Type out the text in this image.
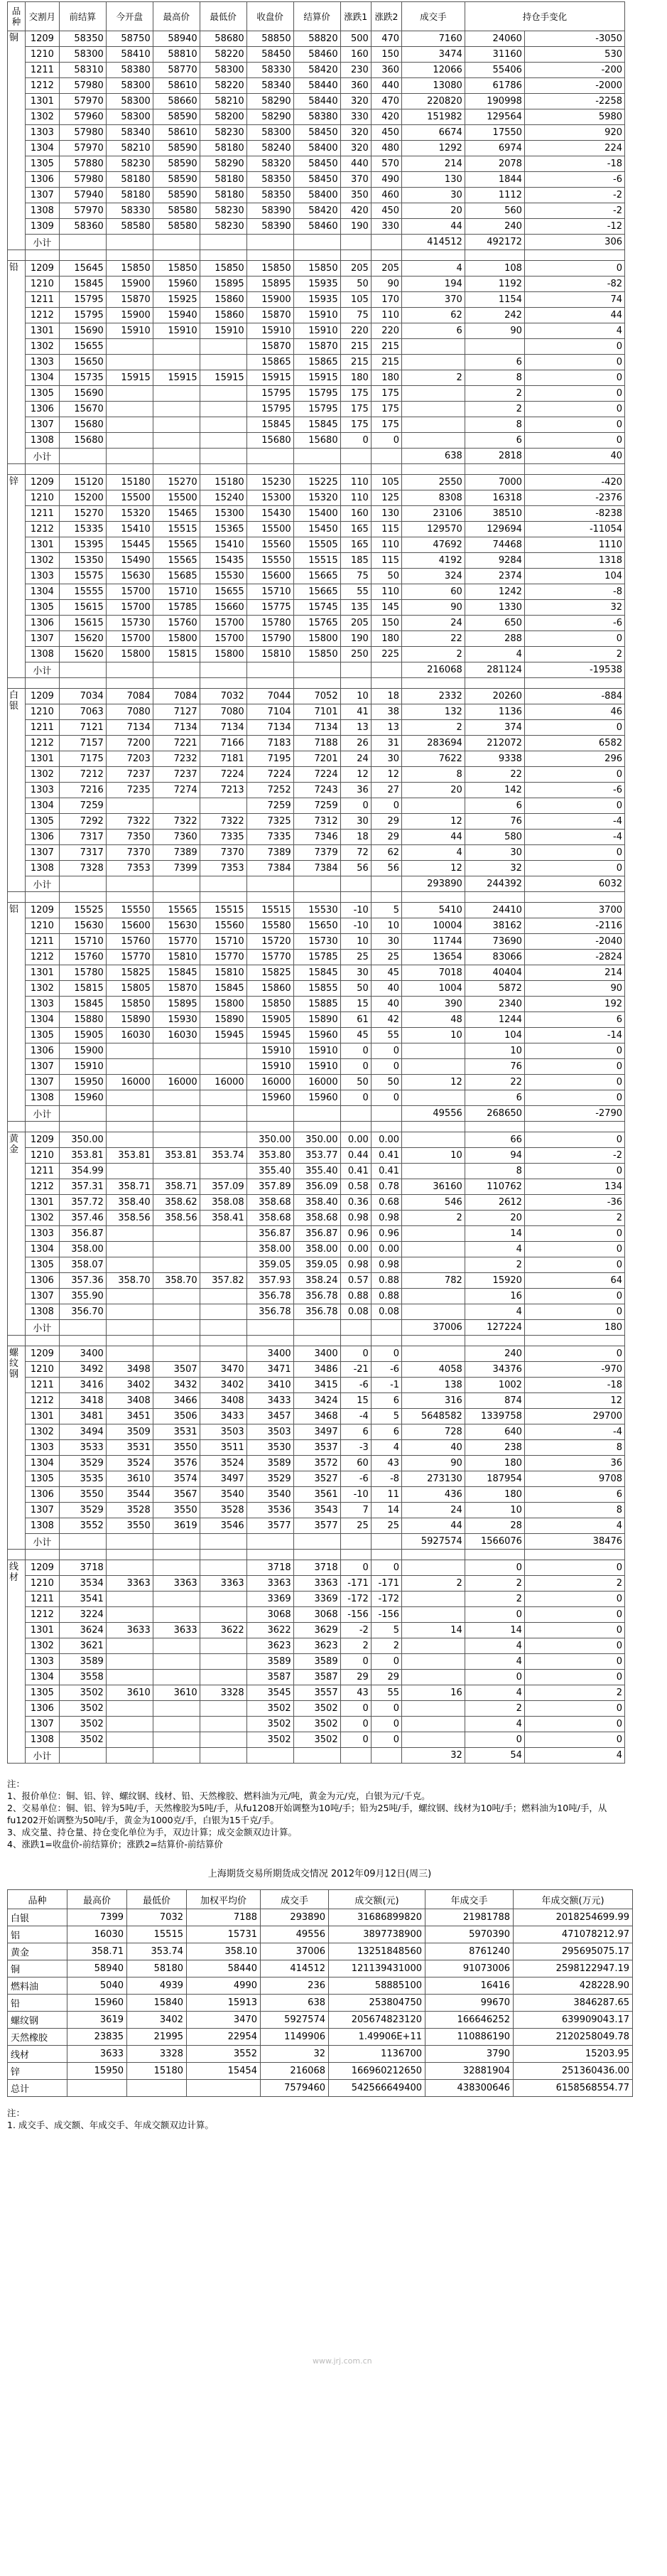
品种	交割月	前结算	今开盘	最高价	最低价	收盘价	结算价	涨跌1	涨跌2	成交手	持仓手变化	
铜	1209	58350	58750	58940	58680	58850	58820	500	470	7160	24060	-3050
	1210	58300	58410	58810	58220	58450	58460	160	150	3474	31160	530
	1211	58310	58380	58770	58300	58330	58420	230	360	12066	55406	-200
	1212	57980	58300	58610	58220	58340	58440	360	440	13080	61786	-2000
	1301	57970	58300	58660	58210	58290	58440	320	470	220820	190998	-2258
	1302	57960	58300	58590	58200	58290	58380	330	420	151982	129564	5980
	1303	57980	58340	58610	58230	58300	58450	320	450	6674	17550	920
	1304	57970	58210	58590	58180	58240	58400	320	480	1292	6974	224
	1305	57880	58230	58590	58290	58320	58450	440	570	214	2078	-18
	1306	57980	58180	58590	58180	58350	58450	370	490	130	1844	-6
	1307	57940	58180	58590	58180	58350	58400	350	460	30	1112	-2
	1308	57970	58330	58580	58230	58390	58420	420	450	20	560	-2
	1309	58360	58580	58580	58230	58390	58460	190	330	44	240	-12
	小计									414512	492172	306

铅	1209	15645	15850	15850	15850	15850	15850	205	205	4	108	0
	1210	15845	15900	15960	15895	15895	15935	50	90	194	1192	-82
	1211	15795	15870	15925	15860	15900	15935	105	170	370	1154	74
	1212	15795	15900	15940	15860	15870	15910	75	110	62	242	44
	1301	15690	15910	15910	15910	15910	15910	220	220	6	90	4
	1302	15655				15870	15870	215	215			0
	1303	15650				15865	15865	215	215		6	0
	1304	15735	15915	15915	15915	15915	15915	180	180	2	8	0
	1305	15690				15795	15795	175	175		2	0
	1306	15670				15795	15795	175	175		2	0
	1307	15680				15845	15845	175	175		8	0
	1308	15680				15680	15680	0	0		6	0
	小计									638	2818	40

锌	1209	15120	15180	15270	15180	15230	15225	110	105	2550	7000	-420
	1210	15200	15500	15500	15240	15300	15320	110	125	8308	16318	-2376
	1211	15270	15320	15465	15300	15430	15400	160	130	23106	38510	-8238
	1212	15335	15410	15515	15365	15500	15450	165	115	129570	129694	-11054
	1301	15395	15445	15565	15410	15560	15505	165	110	47692	74468	1110
	1302	15350	15490	15565	15435	15550	15515	185	115	4192	9284	1318
	1303	15575	15630	15685	15530	15600	15665	75	50	324	2374	104
	1304	15555	15700	15710	15655	15710	15665	55	110	60	1242	-8
	1305	15615	15700	15785	15660	15775	15745	135	145	90	1330	32
	1306	15615	15730	15760	15700	15780	15765	205	150	24	650	-6
	1307	15620	15700	15800	15700	15790	15800	190	180	22	288	0
	1308	15620	15800	15815	15800	15810	15850	250	225	2	4	2
	小计									216068	281124	-19538

白银	1209	7034	7084	7084	7032	7044	7052	10	18	2332	20260	-884
	1210	7063	7080	7127	7080	7104	7101	41	38	132	1136	46
	1211	7121	7134	7134	7134	7134	7134	13	13	2	374	0
	1212	7157	7200	7221	7166	7183	7188	26	31	283694	212072	6582
	1301	7175	7203	7232	7181	7195	7201	24	30	7622	9338	296
	1302	7212	7237	7237	7224	7224	7224	12	12	8	22	0
	1303	7216	7235	7274	7213	7252	7243	36	27	20	142	-6
	1304	7259				7259	7259	0	0		6	0
	1305	7292	7322	7322	7322	7325	7312	30	29	12	76	-4
	1306	7317	7350	7360	7335	7335	7346	18	29	44	580	-4
	1307	7317	7370	7389	7370	7389	7379	72	62	4	30	0
	1308	7328	7353	7399	7353	7384	7384	56	56	12	32	0
	小计									293890	244392	6032

铝	1209	15525	15550	15565	15515	15515	15530	-10	5	5410	24410	3700
	1210	15630	15600	15630	15560	15580	15650	-10	10	10004	38162	-2116
	1211	15710	15760	15770	15710	15720	15730	10	30	11744	73690	-2040
	1212	15760	15770	15810	15770	15770	15785	25	25	13654	83066	-2824
	1301	15780	15825	15845	15810	15825	15845	30	45	7018	40404	214
	1302	15815	15805	15870	15845	15860	15855	50	40	1004	5872	90
	1303	15845	15850	15895	15800	15850	15885	15	40	390	2340	192
	1304	15880	15890	15930	15890	15905	15890	61	42	48	1244	6
	1305	15905	16030	16030	15945	15945	15960	45	55	10	104	-14
	1306	15900				15910	15910	0	0		10	0
	1307	15910				15910	15910	0	0		76	0
	1307	15950	16000	16000	16000	16000	16000	50	50	12	22	0
	1308	15960				15960	15960	0	0		6	0
	小计									49556	268650	-2790

黄金	1209	350.00				350.00	350.00	0.00	0.00		66	0
	1210	353.81	353.81	353.81	353.74	353.80	353.77	0.44	0.41	10	94	-2
	1211	354.99				355.40	355.40	0.41	0.41		8	0
	1212	357.31	358.71	358.71	357.09	357.89	356.09	0.58	0.78	36160	110762	134
	1301	357.72	358.40	358.62	358.08	358.68	358.40	0.36	0.68	546	2612	-36
	1302	357.46	358.56	358.56	358.41	358.68	358.68	0.98	0.98	2	20	2
	1303	356.87				356.87	356.87	0.96	0.96		14	0
	1304	358.00				358.00	358.00	0.00	0.00		4	0
	1305	358.07				359.05	359.05	0.98	0.98		2	0
	1306	357.36	358.70	358.70	357.82	357.93	358.24	0.57	0.88	782	15920	64
	1307	355.90				356.78	356.78	0.88	0.88		16	0
	1308	356.70				356.78	356.78	0.08	0.08		4	0
	小计									37006	127224	180

螺纹钢	1209	3400				3400	3400	0	0		240	0
	1210	3492	3498	3507	3470	3471	3486	-21	-6	4058	34376	-970
	1211	3416	3402	3432	3402	3410	3415	-6	-1	138	1002	-18
	1212	3418	3408	3466	3408	3433	3424	15	6	316	874	12
	1301	3481	3451	3506	3433	3457	3468	-4	5	5648582	1339758	29700
	1302	3494	3509	3531	3503	3503	3497	6	6	728	640	-4
	1303	3533	3531	3550	3511	3530	3537	-3	4	40	238	8
	1304	3529	3524	3576	3524	3589	3572	60	43	90	180	36
	1305	3535	3610	3574	3497	3529	3527	-6	-8	273130	187954	9708
	1306	3550	3544	3567	3540	3540	3561	-10	11	436	180	6
	1307	3529	3528	3550	3528	3536	3543	7	14	24	10	8
	1308	3552	3550	3619	3546	3577	3577	25	25	44	28	4
	小计									5927574	1566076	38476

线材	1209	3718				3718	3718	0	0		0	0
	1210	3534	3363	3363	3363	3363	3363	-171	-171	2	2	2
	1211	3541				3369	3369	-172	-172		2	0
	1212	3224				3068	3068	-156	-156		0	0
	1301	3624	3633	3633	3622	3622	3629	-2	5	14	14	0
	1302	3621				3623	3623	2	2		4	0
	1303	3589				3589	3589	0	0		4	0
	1304	3558				3587	3587	29	29		0	0
	1305	3502	3610	3610	3328	3545	3557	43	55	16	4	2
	1306	3502				3502	3502	0	0		2	0
	1307	3502				3502	3502	0	0		4	0
	1308	3502				3502	3502	0	0		0	0
	小计									32	54	4

注：

1、报价单位：铜、铝、锌、螺纹钢、线材、铅、天然橡胶、燃料油为元/吨，黄金为元/克，白银为元/千克。

2、交易单位：铜、铝、锌为5吨/手，天然橡胶为5吨/手，从fu1208开始调整为10吨/手；铅为25吨/手，螺纹钢、线材为10吨/手；燃料油为10吨/手，从fu1202开始调整为50吨/手，黄金为1000克/手，白银为15千克/手。

3、成交量、持仓量、持仓变化单位为手，双边计算；成交金额双边计算。

4、涨跌1=收盘价-前结算价；涨跌2=结算价-前结算价

上海期货交易所期货成交情况 2012年09月12日(周三)
品种	最高价	最低价	加权平均价	成交手	成交额(元)	年成交手	年成交额(万元)
白银	7399	7032	7188	293890	31686899820	21981788	2018254699.99
铝	16030	15515	15731	49556	3897738900	5970390	471078212.97
黄金	358.71	353.74	358.10	37006	13251848560	8761240	295695075.17
铜	58940	58180	58440	414512	121139431000	91073006	2598122947.19
燃料油	5040	4939	4990	236	58885100	16416	428228.90
铅	15960	15840	15913	638	253804750	99670	3846287.65
螺纹钢	3619	3402	3470	5927574	205674823120	166646252	639909043.17
天然橡胶	23835	21995	22954	1149906	1.49906E+11	110886190	2120258049.78
线材	3633	3328	3552	32	1136700	3790	15203.95
锌	15950	15180	15454	216068	166960212650	32881904	251360436.00
总计				7579460	542566649400	438300646	6158568554.77

注：

1. 成交手、成交额、年成交手、年成交额双边计算。

www.jrj.com.cn
